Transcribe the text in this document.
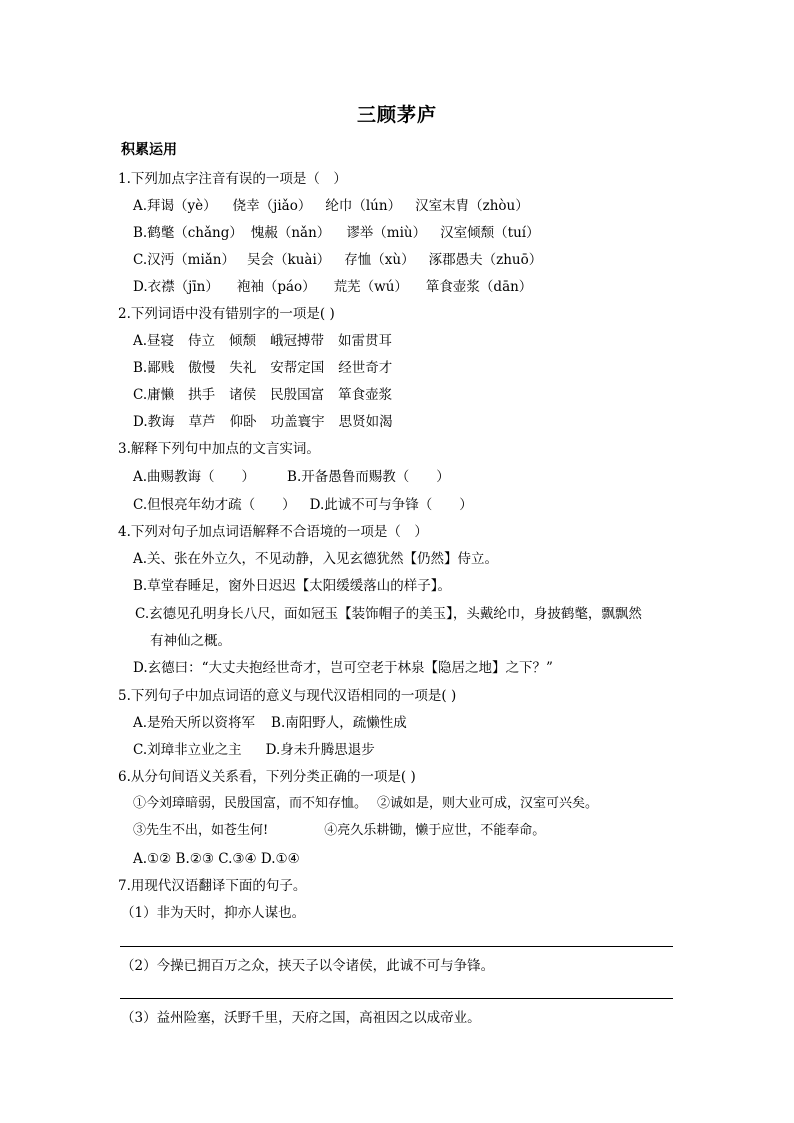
三顾茅庐
积累运用
1.下列加点字注音有误的一项是（　）
A.拜谒（yè） 侥幸（jiǎo） 纶巾（lún） 汉室末胄（zhòu）
B.鹤氅（chǎng） 愧赧（nǎn） 谬举（miù） 汉室倾颓（tuí）
C.汉沔（miǎn） 吴会（kuài） 存恤（xù） 涿郡愚夫（zhuō）
D.衣襟（jīn） 袍袖（páo） 荒芜（wú） 箪食壶浆（dān）
2.下列词语中没有错别字的一项是( )
A.昼寝 侍立 倾颓 峨冠搏带 如雷贯耳
B.鄙贱 傲慢 失礼 安帮定国 经世奇才
C.庸懒 拱手 诸侯 民殷国富 箪食壶浆
D.教诲 草芦 仰卧 功盖寰宇 思贤如渴
3.解释下列句中加点的文言实词。
A.曲赐教诲（　　） B.开备愚鲁而赐教（　　）
C.但恨亮年幼才疏（　　） D.此诚不可与争锋（　　）
4.下列对句子加点词语解释不合语境的一项是（　）
A.关、张在外立久，不见动静，入见玄德犹然【仍然】侍立。
B.草堂春睡足，窗外日迟迟【太阳缓缓落山的样子】。
C.玄德见孔明身长八尺，面如冠玉【装饰帽子的美玉】，头戴纶巾，身披鹤氅，飘飘然
有神仙之概。
D.玄德曰：“大丈夫抱经世奇才，岂可空老于林泉【隐居之地】之下？”
5.下列句子中加点词语的意义与现代汉语相同的一项是( )
A.是殆天所以资将军 B.南阳野人，疏懒性成
C.刘璋非立业之主 D.身未升腾思退步
6.从分句间语义关系看，下列分类正确的一项是( )
①今刘璋暗弱，民殷国富，而不知存恤。 ②诚如是，则大业可成，汉室可兴矣。
③先生不出，如苍生何!	④亮久乐耕锄，懒于应世，不能奉命。
A.①② B.②③ C.③④ D.①④
7.用现代汉语翻译下面的句子。
（1）非为天时，抑亦人谋也。
（2）今操已拥百万之众，挟天子以令诸侯，此诚不可与争锋。
（3）益州险塞，沃野千里，天府之国，高祖因之以成帝业。
